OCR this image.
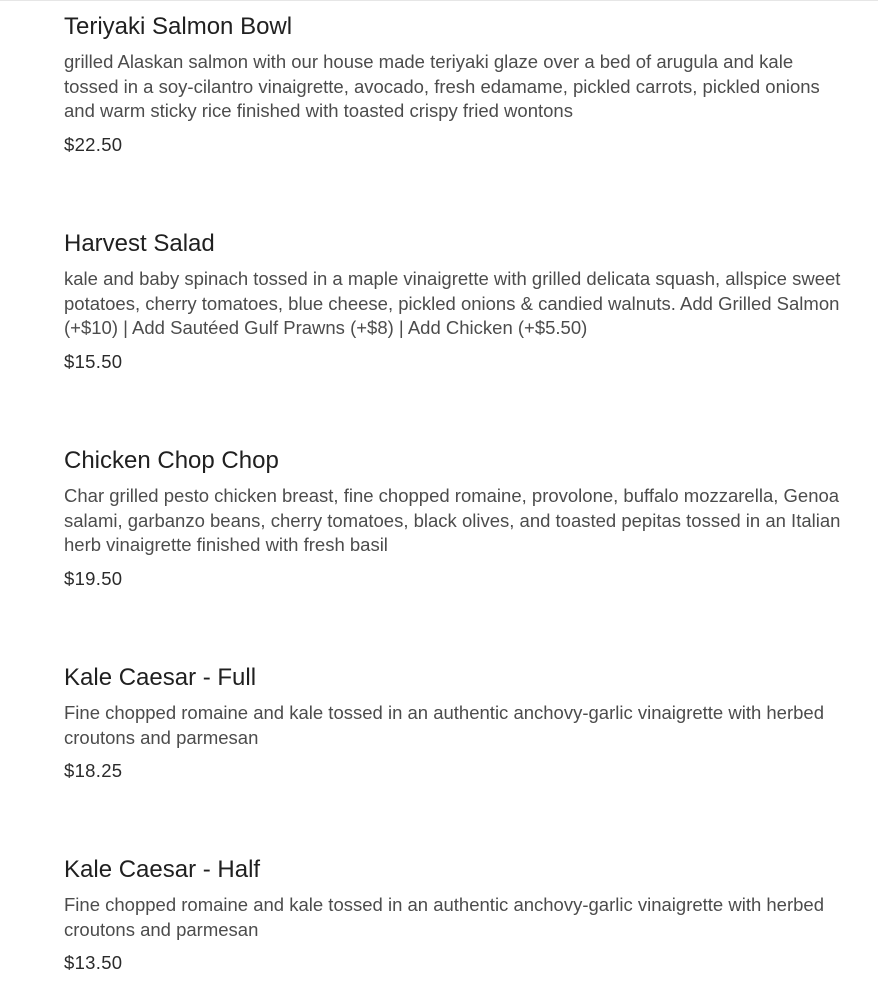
Teriyaki Salmon Bowl

grilled Alaskan salmon with our house made teriyaki glaze over a bed of arugula and kale tossed in a soy-cilantro vinaigrette, avocado, fresh edamame, pickled carrots, pickled onions and warm sticky rice finished with toasted crispy fried wontons

$22.50
Harvest Salad

kale and baby spinach tossed in a maple vinaigrette with grilled delicata squash, allspice sweet potatoes, cherry tomatoes, blue cheese, pickled onions & candied walnuts. Add Grilled Salmon (+$10) | Add Sautéed Gulf Prawns (+$8) | Add Chicken (+$5.50)

$15.50
Chicken Chop Chop

Char grilled pesto chicken breast, fine chopped romaine, provolone, buffalo mozzarella, Genoa salami, garbanzo beans, cherry tomatoes, black olives, and toasted pepitas tossed in an Italian herb vinaigrette finished with fresh basil

$19.50
Kale Caesar - Full

Fine chopped romaine and kale tossed in an authentic anchovy-garlic vinaigrette with herbed croutons and parmesan

$18.25
Kale Caesar - Half

Fine chopped romaine and kale tossed in an authentic anchovy-garlic vinaigrette with herbed croutons and parmesan

$13.50
